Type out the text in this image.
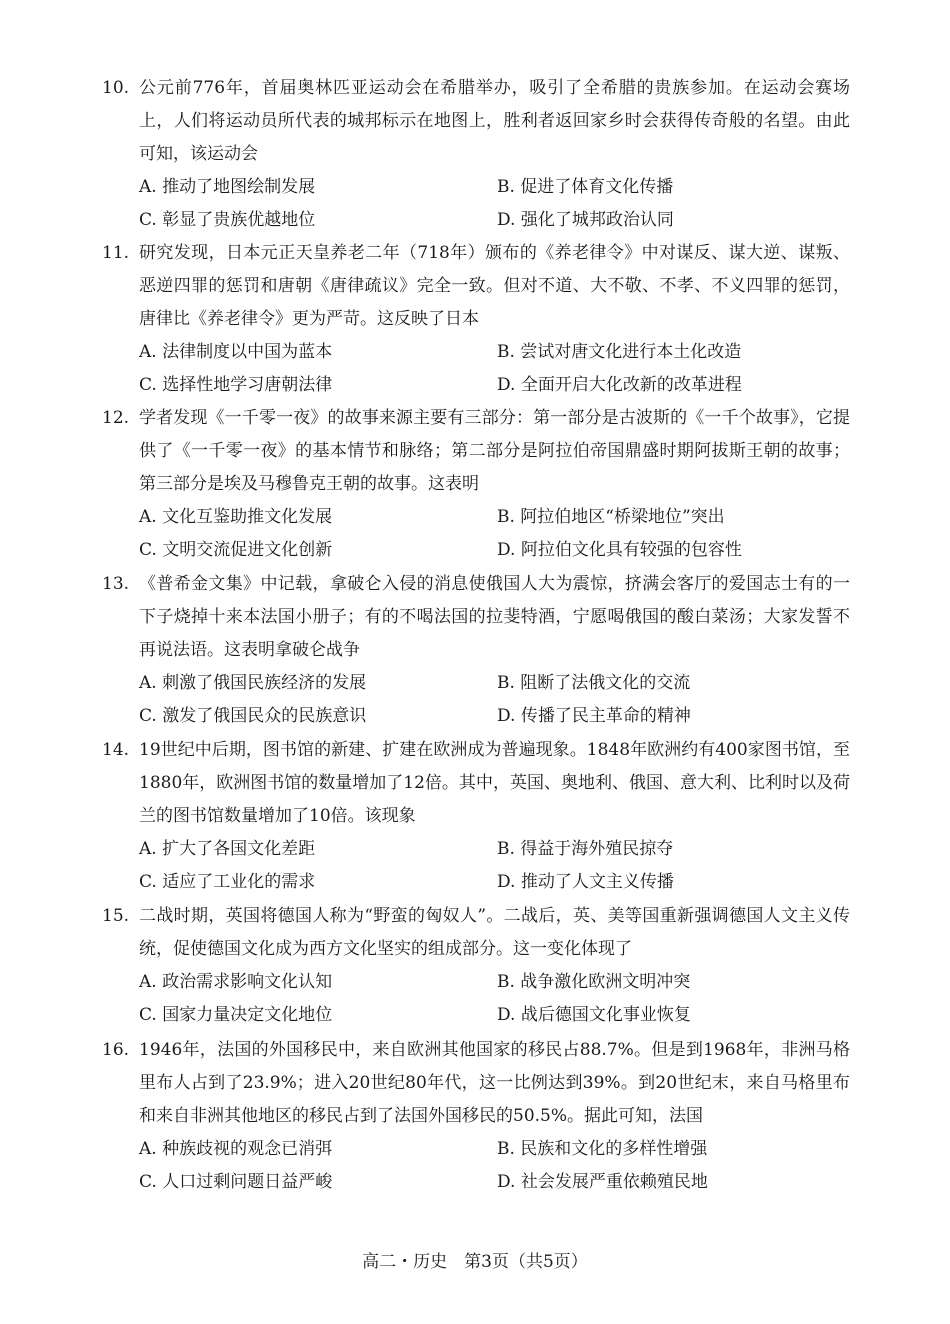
10. 公元前776年，首届奥林匹亚运动会在希腊举办，吸引了全希腊的贵族参加。在运动会赛场上，人们将运动员所代表的城邦标示在地图上，胜利者返回家乡时会获得传奇般的名望。由此可知，该运动会
A. 推动了地图绘制发展	B. 促进了体育文化传播
C. 彰显了贵族优越地位	D. 强化了城邦政治认同
11. 研究发现，日本元正天皇养老二年（718年）颁布的《养老律令》中对谋反、谋大逆、谋叛、恶逆四罪的惩罚和唐朝《唐律疏议》完全一致。但对不道、大不敬、不孝、不义四罪的惩罚，唐律比《养老律令》更为严苛。这反映了日本
A. 法律制度以中国为蓝本	B. 尝试对唐文化进行本土化改造
C. 选择性地学习唐朝法律	D. 全面开启大化改新的改革进程
12. 学者发现《一千零一夜》的故事来源主要有三部分：第一部分是古波斯的《一千个故事》，它提供了《一千零一夜》的基本情节和脉络；第二部分是阿拉伯帝国鼎盛时期阿拔斯王朝的故事；第三部分是埃及马穆鲁克王朝的故事。这表明
A. 文化互鉴助推文化发展	B. 阿拉伯地区“桥梁地位”突出
C. 文明交流促进文化创新	D. 阿拉伯文化具有较强的包容性
13. 《普希金文集》中记载，拿破仑入侵的消息使俄国人大为震惊，挤满会客厅的爱国志士有的一下子烧掉十来本法国小册子；有的不喝法国的拉斐特酒，宁愿喝俄国的酸白菜汤；大家发誓不再说法语。这表明拿破仑战争
A. 刺激了俄国民族经济的发展	B. 阻断了法俄文化的交流
C. 激发了俄国民众的民族意识	D. 传播了民主革命的精神
14. 19世纪中后期，图书馆的新建、扩建在欧洲成为普遍现象。1848年欧洲约有400家图书馆，至1880年，欧洲图书馆的数量增加了12倍。其中，英国、奥地利、俄国、意大利、比利时以及荷兰的图书馆数量增加了10倍。该现象
A. 扩大了各国文化差距	B. 得益于海外殖民掠夺
C. 适应了工业化的需求	D. 推动了人文主义传播
15. 二战时期，英国将德国人称为“野蛮的匈奴人”。二战后，英、美等国重新强调德国人文主义传统，促使德国文化成为西方文化坚实的组成部分。这一变化体现了
A. 政治需求影响文化认知	B. 战争激化欧洲文明冲突
C. 国家力量决定文化地位	D. 战后德国文化事业恢复
16. 1946年，法国的外国移民中，来自欧洲其他国家的移民占88.7%。但是到1968年，非洲马格里布人占到了23.9%；进入20世纪80年代，这一比例达到39%。到20世纪末，来自马格里布和来自非洲其他地区的移民占到了法国外国移民的50.5%。据此可知，法国
A. 种族歧视的观念已消弭	B. 民族和文化的多样性增强
C. 人口过剩问题日益严峻	D. 社会发展严重依赖殖民地
高二・历史　第3页（共5页）
